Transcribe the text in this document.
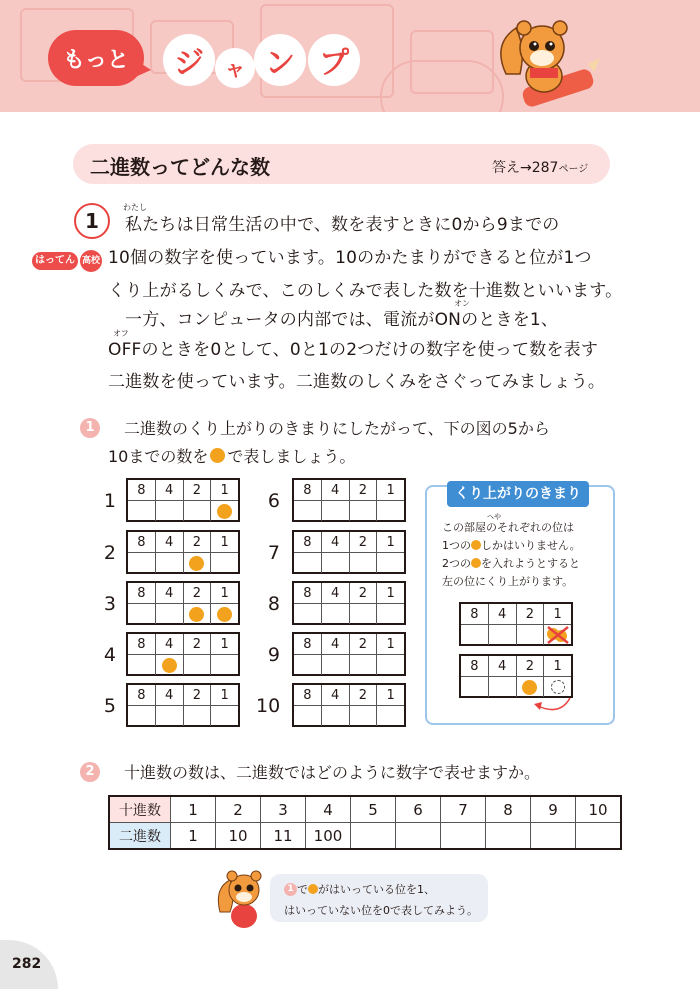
もっと	ジ ャ ン プ
二進数ってどんな数	答え→287ページ
1
はってん 高校
わたし
私たちは日常生活の中で、数を表すときに0から9までの
10個の数字を使っています。10のかたまりができると位が1つ
くり上がるしくみで、このしくみで表した数を十進数といいます。
オン
一方、コンピュータの内部では、電流がONのときを1、
オフ
OFFのときを0として、0と1の2つだけの数字を使って数を表す
二進数を使っています。二進数のしくみをさぐってみましょう。
1	二進数のくり上がりのきまりにしたがって、下の図の5から
10までの数を で表しましょう。
1	8	4	2	1
2	8	4	2	1
3	8	4	2	1
4	8	4	2	1
5	8	4	2	1
6	8	4	2	1
7	8	4	2	1
8	8	4	2	1
9	8	4	2	1
10	8	4	2	1
くり上がりのきまり
へや
この部屋のそれぞれの位は
1つの しかはいりません。
2つの を入れようとすると
左の位にくり上がります。
8	4	2	1
8	4	2	1
2	十進数の数は、二進数ではどのように数字で表せますか。
十進数	1	2	3	4	5	6	7	8	9	10
二進数	1	10	11	100						
1 で がはいっている位を1、
はいっていない位を0で表してみよう。
282
